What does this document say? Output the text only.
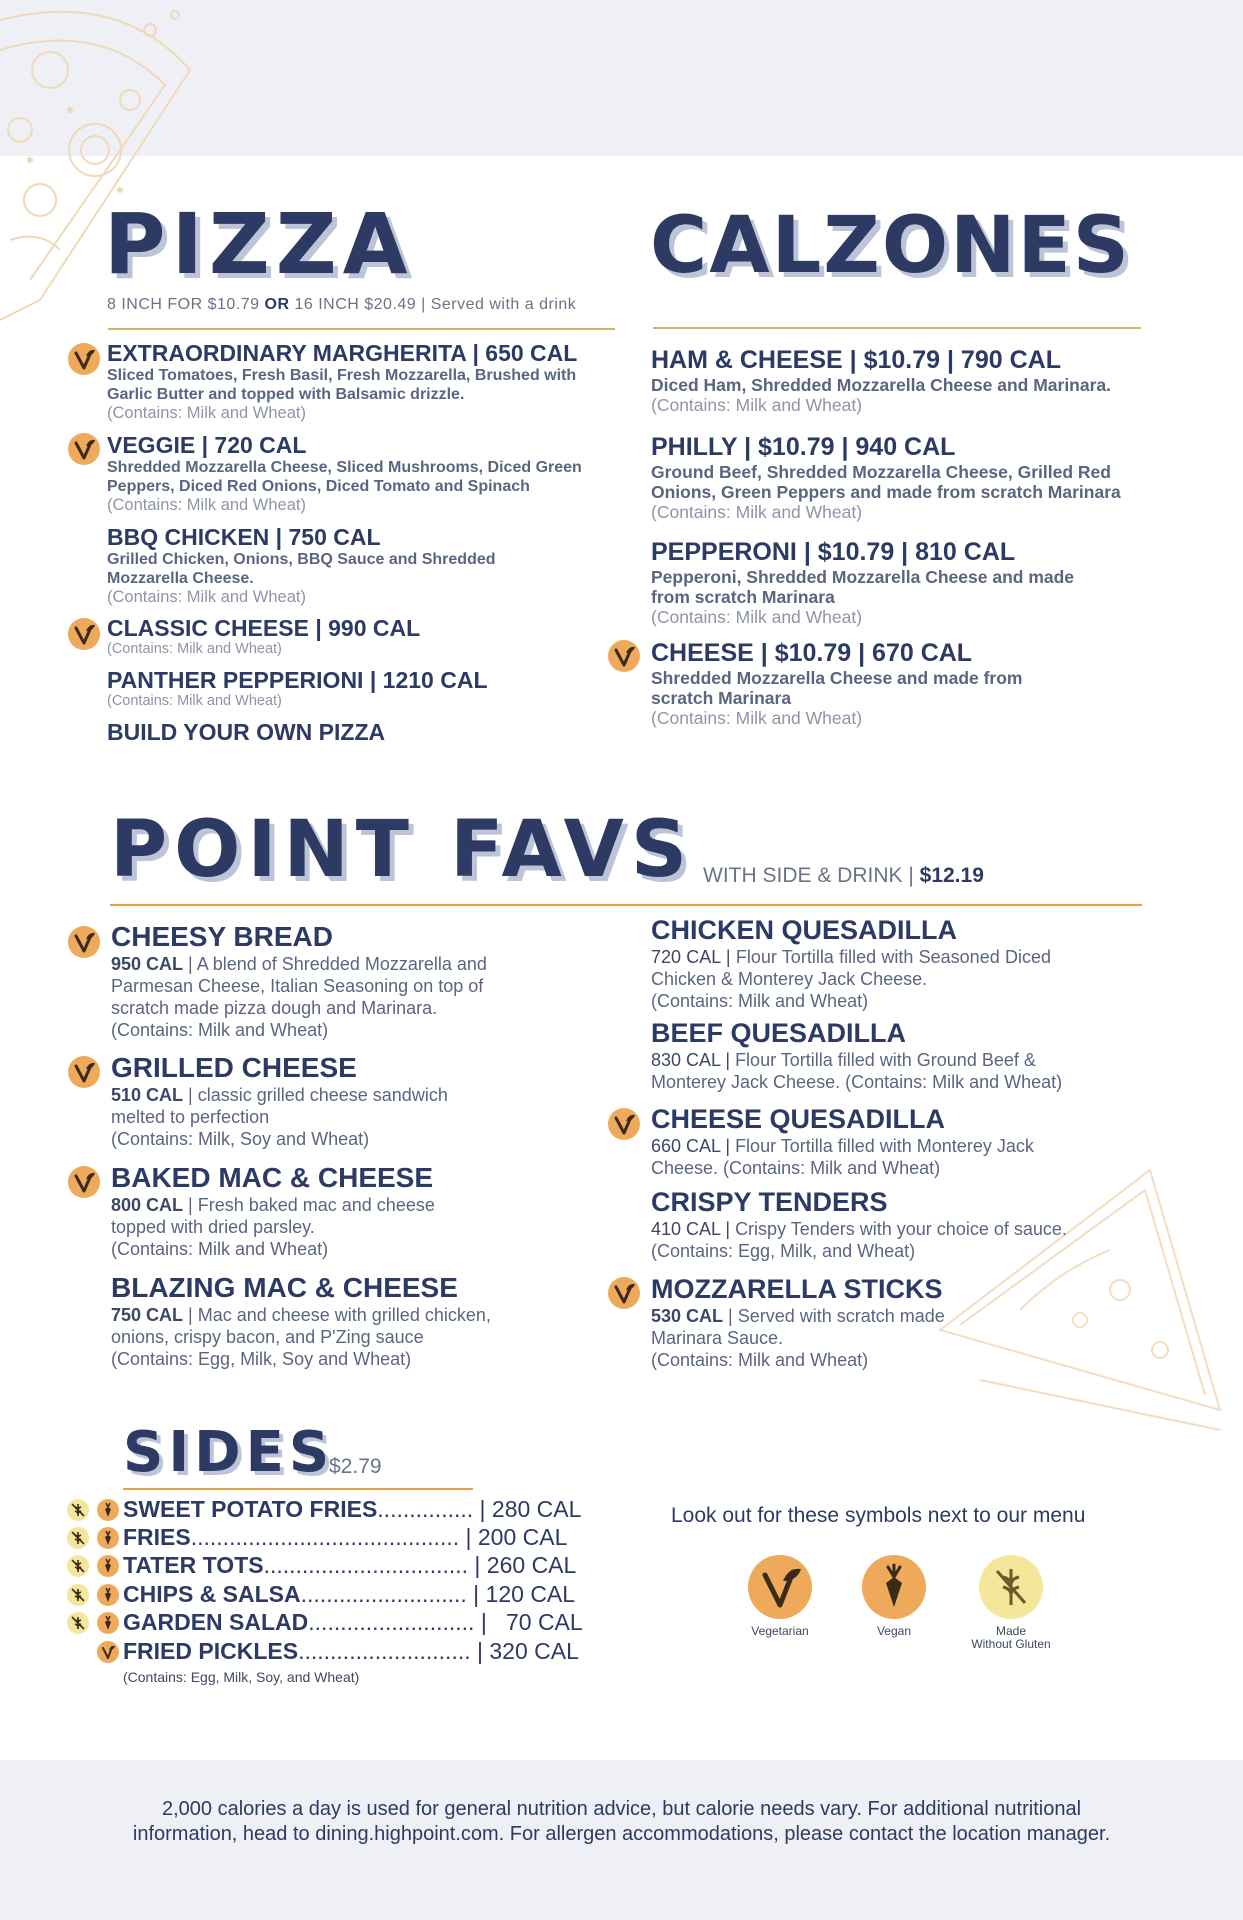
PIZZA
8 INCH FOR $10.79 OR 16 INCH $20.49 | Served with a drink
EXTRAORDINARY MARGHERITA | 650 CAL
Sliced Tomatoes, Fresh Basil, Fresh Mozzarella, Brushed with Garlic Butter and topped with Balsamic drizzle.
(Contains: Milk and Wheat)
VEGGIE | 720 CAL
Shredded Mozzarella Cheese, Sliced Mushrooms, Diced Green Peppers, Diced Red Onions, Diced Tomato and Spinach
(Contains: Milk and Wheat)
BBQ CHICKEN | 750 CAL
Grilled Chicken, Onions, BBQ Sauce and Shredded Mozzarella Cheese.
(Contains: Milk and Wheat)
CLASSIC CHEESE | 990 CAL
(Contains: Milk and Wheat)
PANTHER PEPPERIONI | 1210 CAL
(Contains: Milk and Wheat)
BUILD YOUR OWN PIZZA
CALZONES
HAM & CHEESE | $10.79 | 790 CAL
Diced Ham, Shredded Mozzarella Cheese and Marinara.
(Contains: Milk and Wheat)
PHILLY | $10.79 | 940 CAL
Ground Beef, Shredded Mozzarella Cheese, Grilled Red Onions, Green Peppers and made from scratch Marinara
(Contains: Milk and Wheat)
PEPPERONI | $10.79 | 810 CAL
Pepperoni, Shredded Mozzarella Cheese and made from scratch Marinara
(Contains: Milk and Wheat)
CHEESE | $10.79 | 670 CAL
Shredded Mozzarella Cheese and made from scratch Marinara
(Contains: Milk and Wheat)
POINT FAVS WITH SIDE & DRINK | $12.19
CHEESY BREAD
950 CAL | A blend of Shredded Mozzarella and Parmesan Cheese, Italian Seasoning on top of scratch made pizza dough and Marinara. (Contains: Milk and Wheat)
GRILLED CHEESE
510 CAL | classic grilled cheese sandwich melted to perfection
(Contains: Milk, Soy and Wheat)
BAKED MAC & CHEESE
800 CAL | Fresh baked mac and cheese topped with dried parsley.
(Contains: Milk and Wheat)
BLAZING MAC & CHEESE
750 CAL | Mac and cheese with grilled chicken, onions, crispy bacon, and P'Zing sauce (Contains: Egg, Milk, Soy and Wheat)
CHICKEN QUESADILLA
720 CAL | Flour Tortilla filled with Seasoned Diced Chicken & Monterey Jack Cheese.
(Contains: Milk and Wheat)
BEEF QUESADILLA
830 CAL | Flour Tortilla filled with Ground Beef & Monterey Jack Cheese. (Contains: Milk and Wheat)
CHEESE QUESADILLA
660 CAL | Flour Tortilla filled with Monterey Jack Cheese. (Contains: Milk and Wheat)
CRISPY TENDERS
410 CAL | Crispy Tenders with your choice of sauce.
(Contains: Egg, Milk, and Wheat)
MOZZARELLA STICKS
530 CAL | Served with scratch made Marinara Sauce.
(Contains: Milk and Wheat)
SIDES
$2.79
SWEET POTATO FRIES............... | 280 CAL
FRIES.......................................... | 200 CAL
TATER TOTS................................ | 260 CAL
CHIPS & SALSA.......................... | 120 CAL
GARDEN SALAD.......................... |   70 CAL
FRIED PICKLES........................... | 320 CAL
(Contains: Egg, Milk, Soy, and Wheat)
Look out for these symbols next to our menu
Vegetarian	Vegan	Made
Without Gluten
2,000 calories a day is used for general nutrition advice, but calorie needs vary. For additional nutritional
information, head to dining.highpoint.com. For allergen accommodations, please contact the location manager.
